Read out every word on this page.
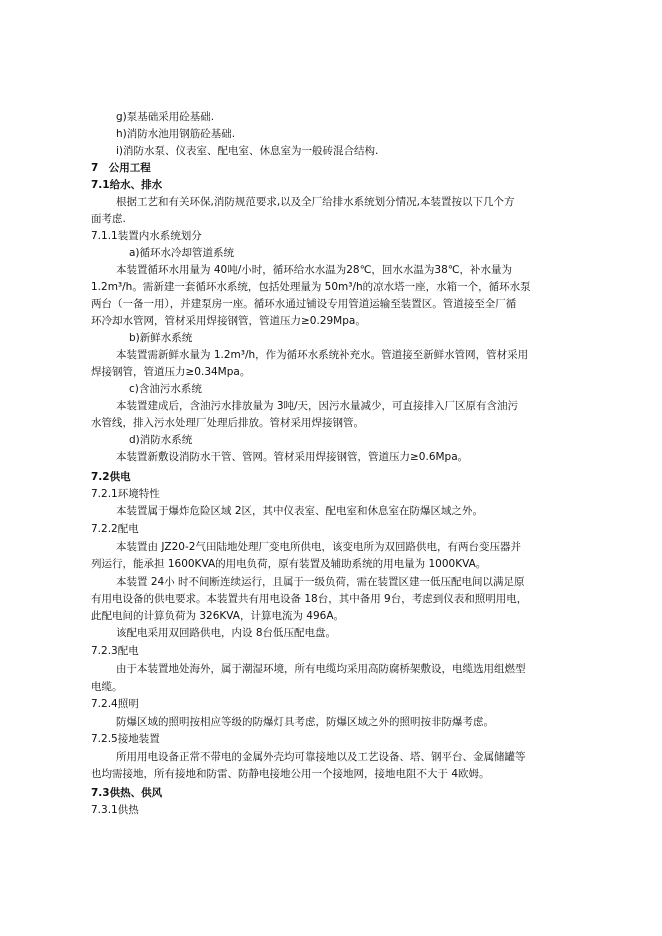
g)泵基础采用砼基础.
h)消防水池用钢筋砼基础.
i)消防水泵、仪表室、配电室、休息室为一般砖混合结构.
7　公用工程
7.1给水、排水
根据工艺和有关环保,消防规范要求,以及全厂给排水系统划分情况,本装置按以下几个方
面考虑.
7.1.1装置内水系统划分
a)循环水冷却管道系统
本装置循环水用量为 40吨/小时，循环给水水温为28℃，回水水温为38℃，补水量为
1.2m³/h。需新建一套循环水系统，包括处理量为 50m³/h的凉水塔一座，水箱一个，循环水泵
两台（一备一用），并建泵房一座。循环水通过铺设专用管道运输至装置区。管道接至全厂循
环冷却水管网，管材采用焊接钢管，管道压力≥0.29Mpa。
b)新鲜水系统
本装置需新鲜水量为 1.2m³/h，作为循环水系统补充水。管道接至新鲜水管网，管材采用
焊接钢管，管道压力≥0.34Mpa。
c)含油污水系统
本装置建成后，含油污水排放量为 3吨/天，因污水量减少，可直接排入厂区原有含油污
水管线，排入污水处理厂处理后排放。管材采用焊接钢管。
d)消防水系统
本装置新敷设消防水干管、管网。管材采用焊接钢管，管道压力≥0.6Mpa。
7.2供电
7.2.1环境特性
本装置属于爆炸危险区域 2区，其中仪表室、配电室和休息室在防爆区域之外。
7.2.2配电
本装置由 JZ20-2气田陆地处理厂变电所供电，该变电所为双回路供电，有两台变压器并
列运行，能承担 1600KVA的用电负荷，原有装置及辅助系统的用电量为 1000KVA。
本装置 24小 时不间断连续运行，且属于一级负荷，需在装置区建一低压配电间以满足原
有用电设备的供电要求。本装置共有用电设备 18台，其中备用 9台，考虑到仪表和照明用电，
此配电间的计算负荷为 326KVA，计算电流为 496A。
该配电采用双回路供电，内设 8台低压配电盘。
7.2.3配电
由于本装置地处海外，属于潮湿环境，所有电缆均采用高防腐桥架敷设，电缆选用组燃型
电缆。
7.2.4照明
防爆区域的照明按相应等级的防爆灯具考虑，防爆区域之外的照明按非防爆考虑。
7.2.5接地装置
所用用电设备正常不带电的金属外壳均可靠接地以及工艺设备、塔、钢平台、金属储罐等
也均需接地，所有接地和防雷、防静电接地公用一个接地网，接地电阻不大于 4欧姆。
7.3供热、供风
7.3.1供热
